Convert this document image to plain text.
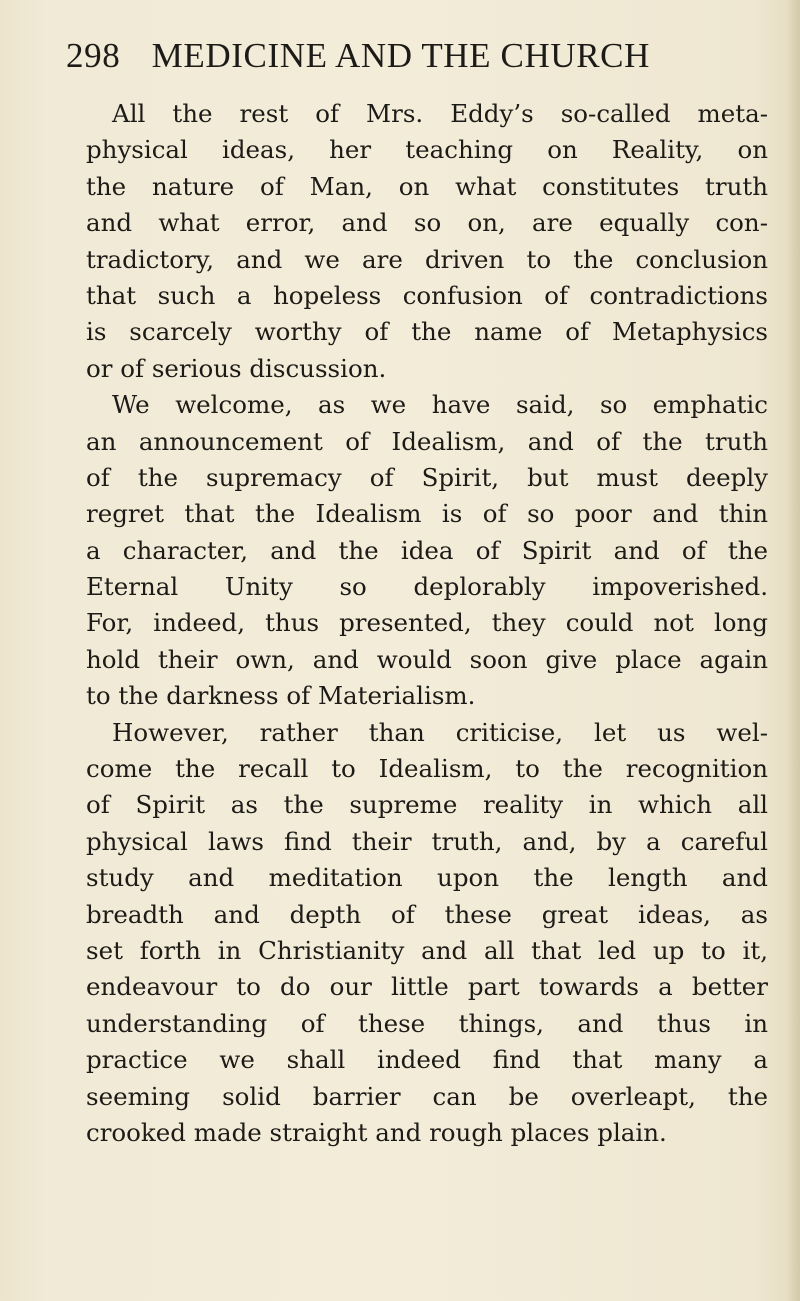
298 MEDICINE AND THE CHURCH
All the rest of Mrs. Eddy’s so-called meta-
physical ideas, her teaching on Reality, on
the nature of Man, on what constitutes truth
and what error, and so on, are equally con-
tradictory, and we are driven to the conclusion
that such a hopeless confusion of contradictions
is scarcely worthy of the name of Metaphysics
or of serious discussion.
We welcome, as we have said, so emphatic
an announcement of Idealism, and of the truth
of the supremacy of Spirit, but must deeply
regret that the Idealism is of so poor and thin
a character, and the idea of Spirit and of the
Eternal Unity so deplorably impoverished.
For, indeed, thus presented, they could not long
hold their own, and would soon give place again
to the darkness of Materialism.
However, rather than criticise, let us wel-
come the recall to Idealism, to the recognition
of Spirit as the supreme reality in which all
physical laws find their truth, and, by a careful
study and meditation upon the length and
breadth and depth of these great ideas, as
set forth in Christianity and all that led up to it,
endeavour to do our little part towards a better
understanding of these things, and thus in
practice we shall indeed find that many a
seeming solid barrier can be overleapt, the
crooked made straight and rough places plain.
